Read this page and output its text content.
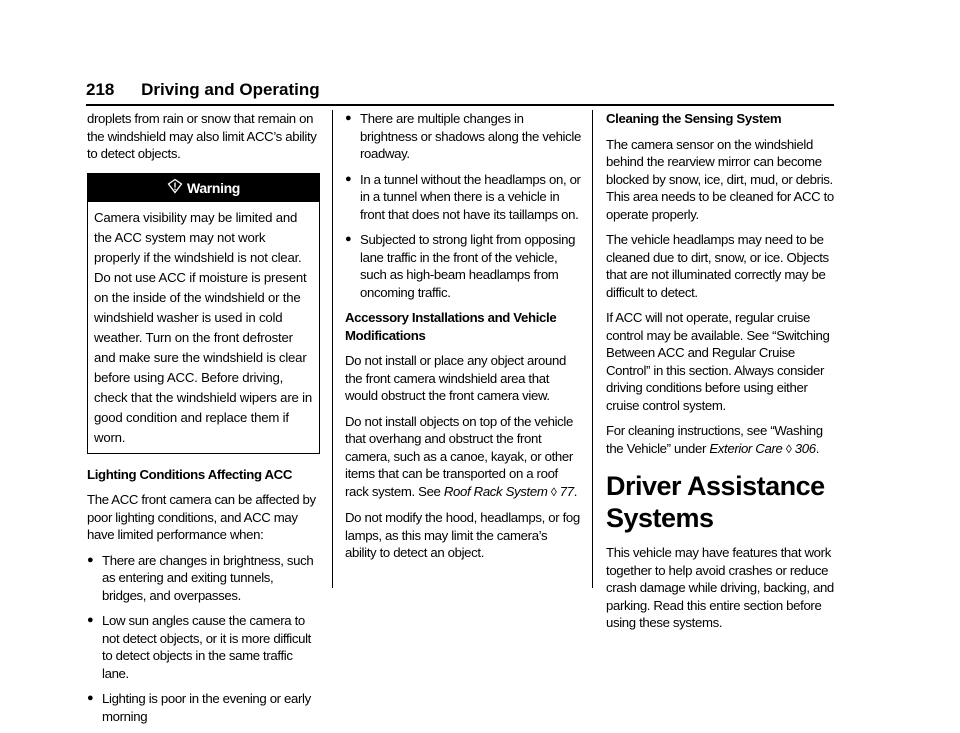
218 Driving and Operating

droplets from rain or snow that remain on the windshield may also limit ACC’s ability to detect objects.

Warning
Camera visibility may be limited and the ACC system may not work properly if the windshield is not clear. Do not use ACC if moisture is present on the inside of the windshield or the windshield washer is used in cold weather. Turn on the front defroster and make sure the windshield is clear before using ACC. Before driving, check that the windshield wipers are in good condition and replace them if worn.
Lighting Conditions Affecting ACC

The ACC front camera can be affected by poor lighting conditions, and ACC may have limited performance when:

● There are changes in brightness, such as entering and exiting tunnels, bridges, and overpasses.
● Low sun angles cause the camera to not detect objects, or it is more difficult to detect objects in the same traffic lane.
● Lighting is poor in the evening or early morning
● There are multiple changes in brightness or shadows along the vehicle roadway.
● In a tunnel without the headlamps on, or in a tunnel when there is a vehicle in front that does not have its taillamps on.
● Subjected to strong light from opposing lane traffic in the front of the vehicle, such as high-beam headlamps from oncoming traffic.
Accessory Installations and Vehicle Modifications

Do not install or place any object around the front camera windshield area that would obstruct the front camera view.

Do not install objects on top of the vehicle that overhang and obstruct the front camera, such as a canoe, kayak, or other items that can be transported on a roof rack system. See Roof Rack System ◊ 77.

Do not modify the hood, headlamps, or fog lamps, as this may limit the camera’s ability to detect an object.

Cleaning the Sensing System

The camera sensor on the windshield behind the rearview mirror can become blocked by snow, ice, dirt, mud, or debris. This area needs to be cleaned for ACC to operate properly.

The vehicle headlamps may need to be cleaned due to dirt, snow, or ice. Objects that are not illuminated correctly may be difficult to detect.

If ACC will not operate, regular cruise control may be available. See “Switching Between ACC and Regular Cruise Control” in this section. Always consider driving conditions before using either cruise control system.

For cleaning instructions, see “Washing the Vehicle” under Exterior Care ◊ 306.

Driver Assistance Systems

This vehicle may have features that work together to help avoid crashes or reduce crash damage while driving, backing, and parking. Read this entire section before using these systems.
